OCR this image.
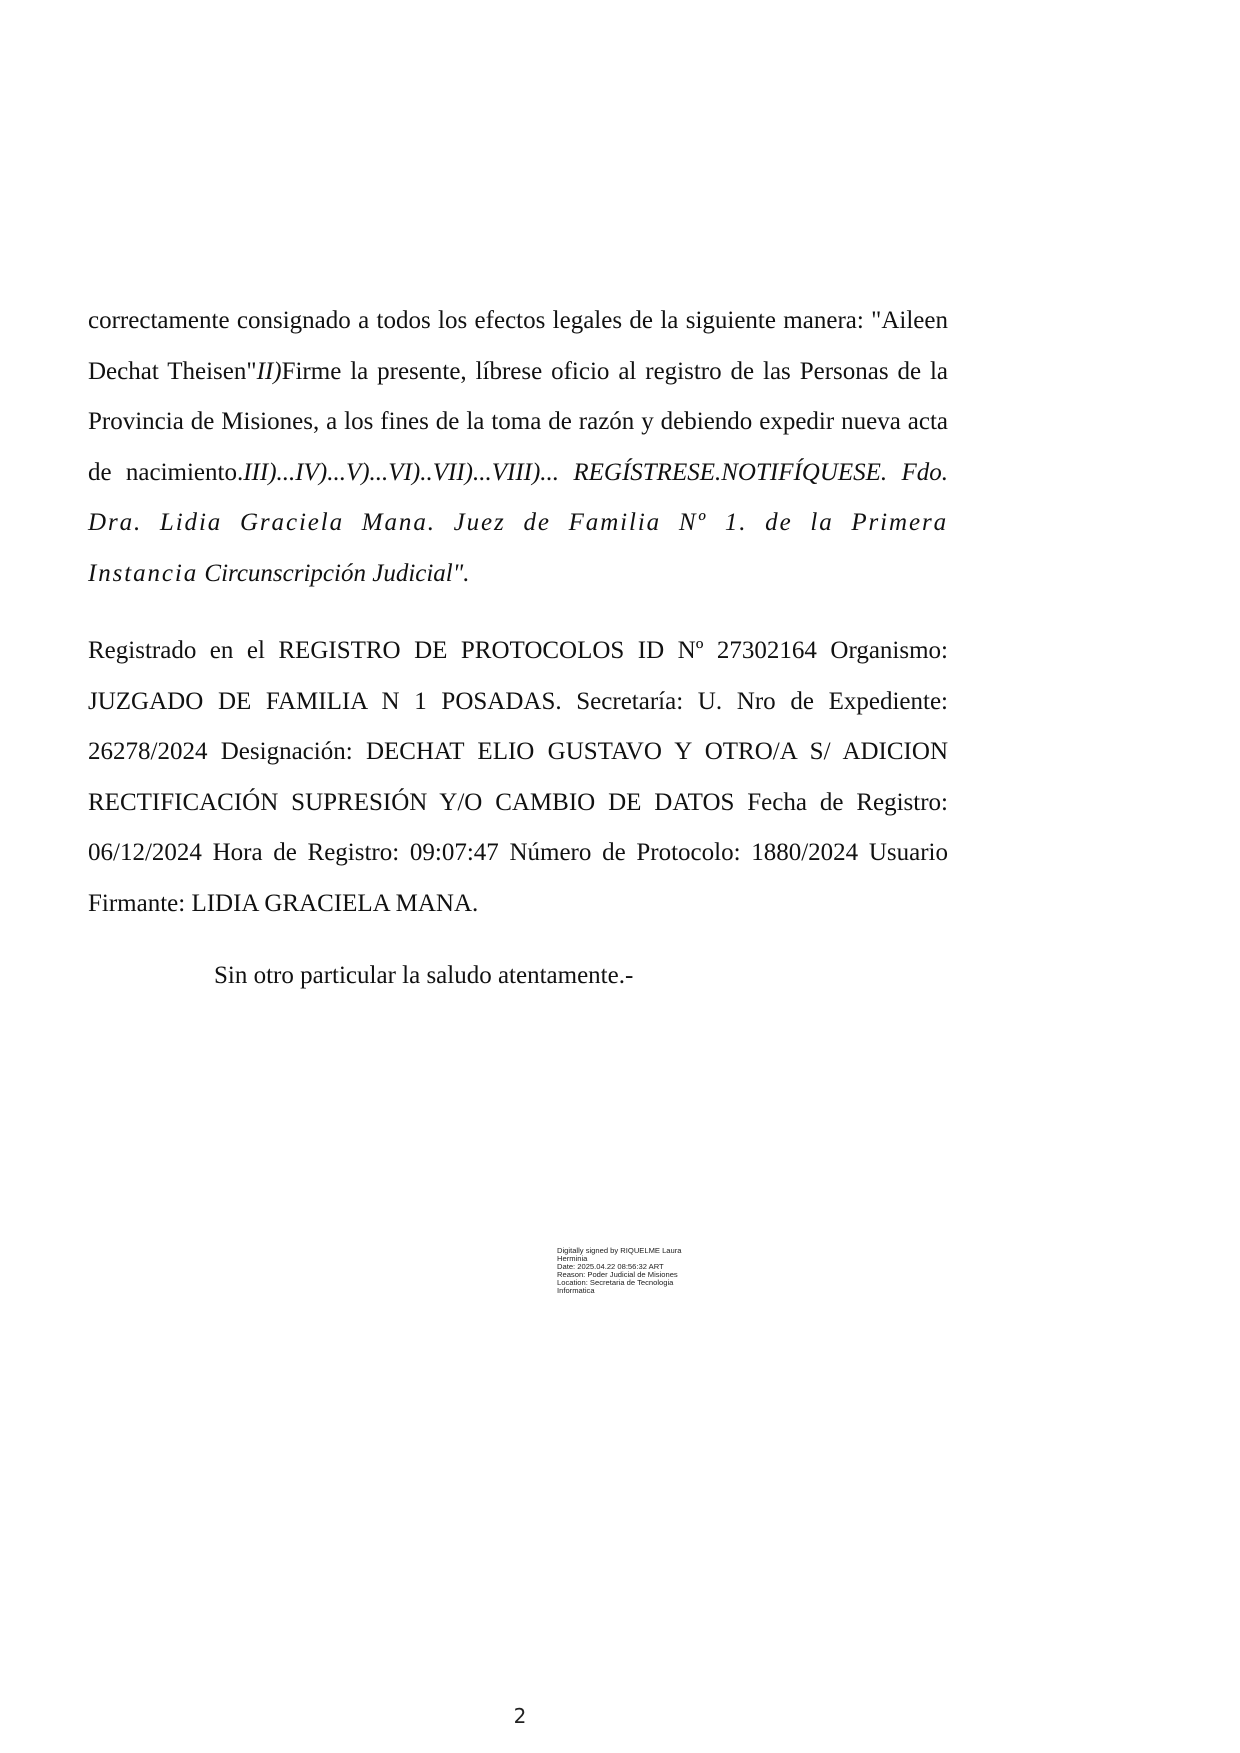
correctamente consignado a todos los efectos legales de la siguiente manera: "Aileen Dechat Theisen"II)Firme la presente, líbrese oficio al registro de las Personas de la Provincia de Misiones, a los fines de la toma de razón y debiendo expedir nueva acta de nacimiento.III)...IV)...V)...VI)..VII)...VIII)... REGÍSTRESE.NOTIFÍQUESE. Fdo. Dra. Lidia Graciela Mana. Juez de Familia Nº 1. de la Primera Instancia Circunscripción Judicial".

Registrado en el REGISTRO DE PROTOCOLOS ID Nº 27302164 Organismo: JUZGADO DE FAMILIA N 1 POSADAS. Secretaría: U. Nro de Expediente: 26278/2024 Designación: DECHAT ELIO GUSTAVO Y OTRO/A S/ ADICION RECTIFICACIÓN SUPRESIÓN Y/O CAMBIO DE DATOS Fecha de Registro: 06/12/2024 Hora de Registro: 09:07:47 Número de Protocolo: 1880/2024 Usuario Firmante: LIDIA GRACIELA MANA.

Sin otro particular la saludo atentamente.-

Digitally signed by RIQUELME Laura
Herminia
Date: 2025.04.22 08:56:32 ART
Reason: Poder Judicial de Misiones
Location: Secretaria de Tecnologia
Informatica
2
